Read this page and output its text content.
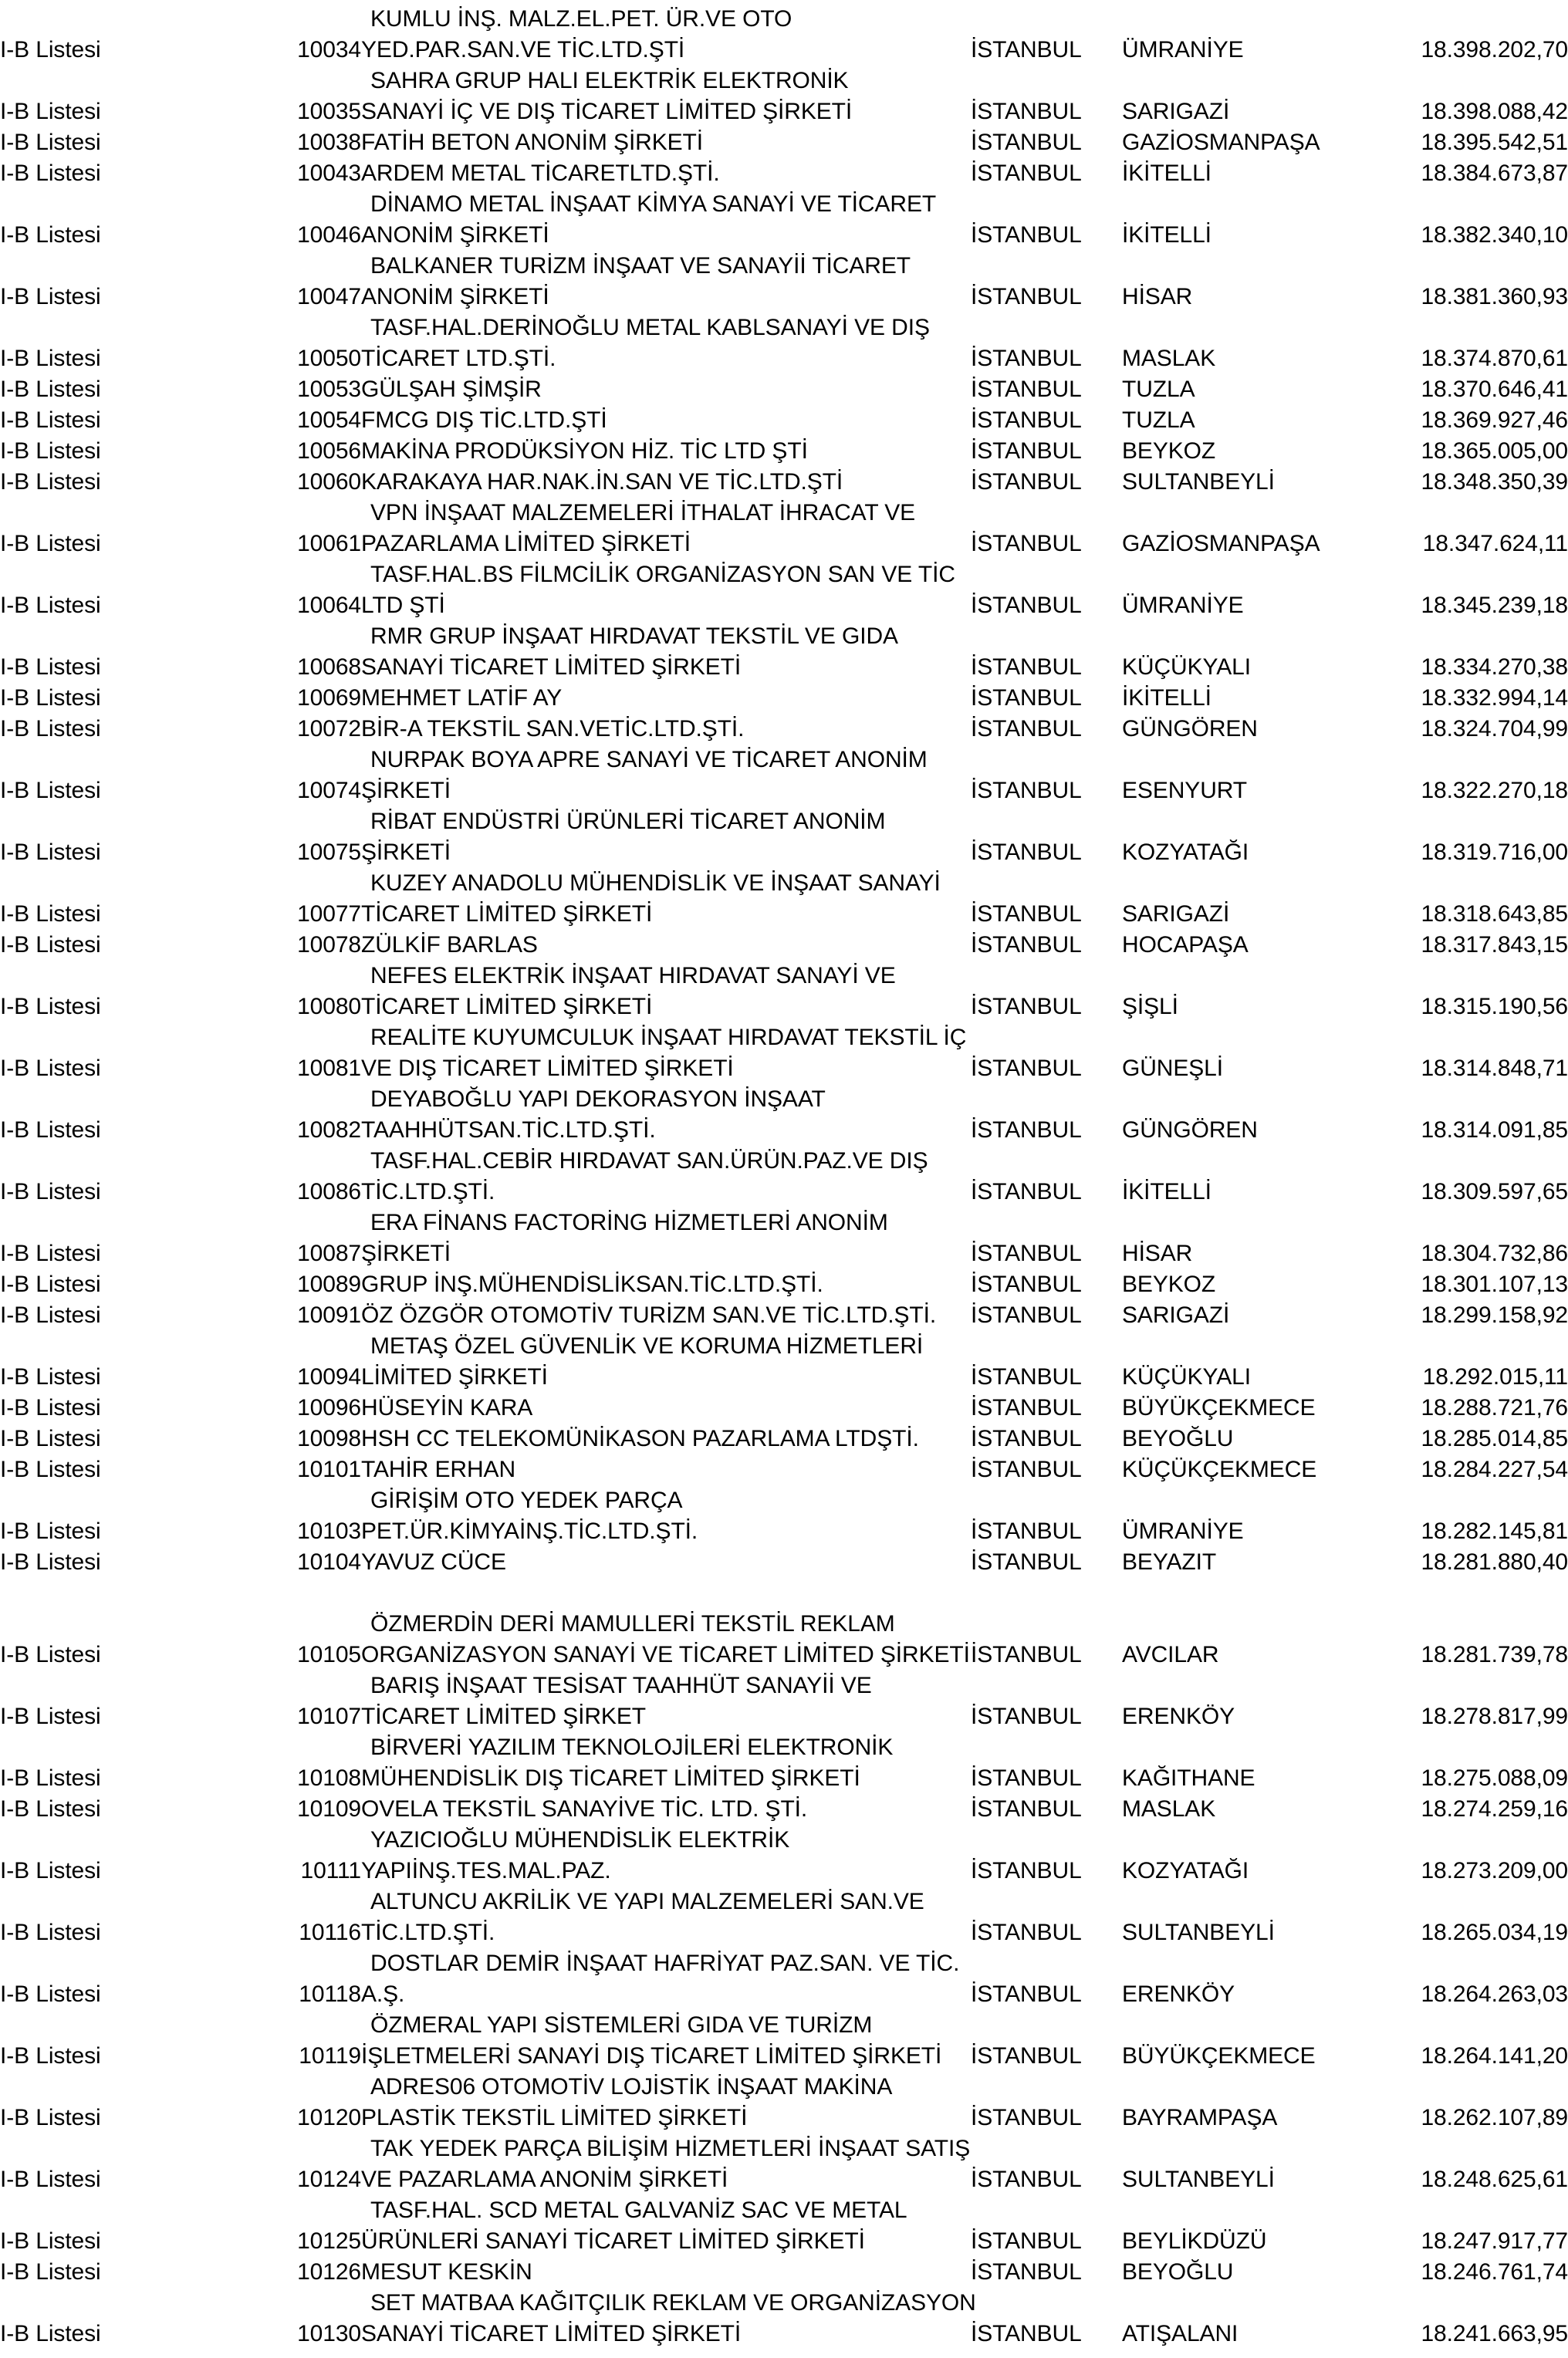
		KUMLU İNŞ. MALZ.EL.PET. ÜR.VE OTO			
I-B Listesi	10034	YED.PAR.SAN.VE TİC.LTD.ŞTİ	İSTANBUL	ÜMRANİYE	18.398.202,70
		SAHRA GRUP HALI ELEKTRİK ELEKTRONİK			
I-B Listesi	10035	SANAYİ İÇ VE DIŞ TİCARET LİMİTED ŞİRKETİ	İSTANBUL	SARIGAZİ	18.398.088,42
I-B Listesi	10038	FATİH BETON ANONİM ŞİRKETİ	İSTANBUL	GAZİOSMANPAŞA	18.395.542,51
I-B Listesi	10043	ARDEM METAL TİCARETLTD.ŞTİ.	İSTANBUL	İKİTELLİ	18.384.673,87
		DİNAMO METAL İNŞAAT KİMYA SANAYİ VE TİCARET			
I-B Listesi	10046	ANONİM ŞİRKETİ	İSTANBUL	İKİTELLİ	18.382.340,10
		BALKANER TURİZM İNŞAAT VE SANAYİİ TİCARET			
I-B Listesi	10047	ANONİM ŞİRKETİ	İSTANBUL	HİSAR	18.381.360,93
		TASF.HAL.DERİNOĞLU METAL KABLSANAYİ VE DIŞ			
I-B Listesi	10050	TİCARET LTD.ŞTİ.	İSTANBUL	MASLAK	18.374.870,61
I-B Listesi	10053	GÜLŞAH ŞİMŞİR	İSTANBUL	TUZLA	18.370.646,41
I-B Listesi	10054	FMCG DIŞ TİC.LTD.ŞTİ	İSTANBUL	TUZLA	18.369.927,46
I-B Listesi	10056	MAKİNA PRODÜKSİYON HİZ. TİC LTD ŞTİ	İSTANBUL	BEYKOZ	18.365.005,00
I-B Listesi	10060	KARAKAYA HAR.NAK.İN.SAN VE TİC.LTD.ŞTİ	İSTANBUL	SULTANBEYLİ	18.348.350,39
		VPN İNŞAAT MALZEMELERİ İTHALAT İHRACAT VE			
I-B Listesi	10061	PAZARLAMA LİMİTED ŞİRKETİ	İSTANBUL	GAZİOSMANPAŞA	18.347.624,11
		TASF.HAL.BS FİLMCİLİK ORGANİZASYON SAN VE TİC			
I-B Listesi	10064	LTD ŞTİ	İSTANBUL	ÜMRANİYE	18.345.239,18
		RMR GRUP İNŞAAT HIRDAVAT TEKSTİL VE GIDA			
I-B Listesi	10068	SANAYİ TİCARET LİMİTED ŞİRKETİ	İSTANBUL	KÜÇÜKYALI	18.334.270,38
I-B Listesi	10069	MEHMET LATİF AY	İSTANBUL	İKİTELLİ	18.332.994,14
I-B Listesi	10072	BİR-A TEKSTİL SAN.VETİC.LTD.ŞTİ.	İSTANBUL	GÜNGÖREN	18.324.704,99
		NURPAK BOYA APRE SANAYİ VE TİCARET ANONİM			
I-B Listesi	10074	ŞİRKETİ	İSTANBUL	ESENYURT	18.322.270,18
		RİBAT ENDÜSTRİ ÜRÜNLERİ TİCARET ANONİM			
I-B Listesi	10075	ŞİRKETİ	İSTANBUL	KOZYATAĞI	18.319.716,00
		KUZEY ANADOLU MÜHENDİSLİK VE İNŞAAT SANAYİ			
I-B Listesi	10077	TİCARET LİMİTED ŞİRKETİ	İSTANBUL	SARIGAZİ	18.318.643,85
I-B Listesi	10078	ZÜLKİF BARLAS	İSTANBUL	HOCAPAŞA	18.317.843,15
		NEFES ELEKTRİK İNŞAAT HIRDAVAT SANAYİ VE			
I-B Listesi	10080	TİCARET LİMİTED ŞİRKETİ	İSTANBUL	ŞİŞLİ	18.315.190,56
		REALİTE KUYUMCULUK İNŞAAT HIRDAVAT TEKSTİL İÇ			
I-B Listesi	10081	VE DIŞ TİCARET LİMİTED ŞİRKETİ	İSTANBUL	GÜNEŞLİ	18.314.848,71
		DEYABOĞLU YAPI DEKORASYON İNŞAAT			
I-B Listesi	10082	TAAHHÜTSAN.TİC.LTD.ŞTİ.	İSTANBUL	GÜNGÖREN	18.314.091,85
		TASF.HAL.CEBİR HIRDAVAT SAN.ÜRÜN.PAZ.VE DIŞ			
I-B Listesi	10086	TİC.LTD.ŞTİ.	İSTANBUL	İKİTELLİ	18.309.597,65
		ERA FİNANS FACTORİNG HİZMETLERİ ANONİM			
I-B Listesi	10087	ŞİRKETİ	İSTANBUL	HİSAR	18.304.732,86
I-B Listesi	10089	GRUP İNŞ.MÜHENDİSLİKSAN.TİC.LTD.ŞTİ.	İSTANBUL	BEYKOZ	18.301.107,13
I-B Listesi	10091	ÖZ ÖZGÖR OTOMOTİV TURİZM SAN.VE TİC.LTD.ŞTİ.	İSTANBUL	SARIGAZİ	18.299.158,92
		METAŞ ÖZEL GÜVENLİK VE KORUMA HİZMETLERİ			
I-B Listesi	10094	LİMİTED ŞİRKETİ	İSTANBUL	KÜÇÜKYALI	18.292.015,11
I-B Listesi	10096	HÜSEYİN KARA	İSTANBUL	BÜYÜKÇEKMECE	18.288.721,76
I-B Listesi	10098	HSH CC TELEKOMÜNİKASON PAZARLAMA LTDŞTİ.	İSTANBUL	BEYOĞLU	18.285.014,85
I-B Listesi	10101	TAHİR ERHAN	İSTANBUL	KÜÇÜKÇEKMECE	18.284.227,54
		GİRİŞİM OTO YEDEK PARÇA			
I-B Listesi	10103	PET.ÜR.KİMYAİNŞ.TİC.LTD.ŞTİ.	İSTANBUL	ÜMRANİYE	18.282.145,81
I-B Listesi	10104	YAVUZ CÜCE	İSTANBUL	BEYAZIT	18.281.880,40

		ÖZMERDİN DERİ MAMULLERİ TEKSTİL REKLAM			
I-B Listesi	10105	ORGANİZASYON SANAYİ VE TİCARET LİMİTED ŞİRKETİ	İSTANBUL	AVCILAR	18.281.739,78
		BARIŞ İNŞAAT TESİSAT TAAHHÜT SANAYİİ VE			
I-B Listesi	10107	TİCARET LİMİTED ŞİRKET	İSTANBUL	ERENKÖY	18.278.817,99
		BİRVERİ YAZILIM TEKNOLOJİLERİ ELEKTRONİK			
I-B Listesi	10108	MÜHENDİSLİK DIŞ TİCARET LİMİTED ŞİRKETİ	İSTANBUL	KAĞITHANE	18.275.088,09
I-B Listesi	10109	OVELA TEKSTİL SANAYİVE TİC. LTD. ŞTİ.	İSTANBUL	MASLAK	18.274.259,16
		YAZICIOĞLU MÜHENDİSLİK ELEKTRİK			
I-B Listesi	10111	YAPIİNŞ.TES.MAL.PAZ.	İSTANBUL	KOZYATAĞI	18.273.209,00
		ALTUNCU AKRİLİK VE YAPI MALZEMELERİ SAN.VE			
I-B Listesi	10116	TİC.LTD.ŞTİ.	İSTANBUL	SULTANBEYLİ	18.265.034,19
		DOSTLAR DEMİR İNŞAAT HAFRİYAT PAZ.SAN. VE TİC.			
I-B Listesi	10118	A.Ş.	İSTANBUL	ERENKÖY	18.264.263,03
		ÖZMERAL YAPI SİSTEMLERİ GIDA VE TURİZM			
I-B Listesi	10119	İŞLETMELERİ SANAYİ DIŞ TİCARET LİMİTED ŞİRKETİ	İSTANBUL	BÜYÜKÇEKMECE	18.264.141,20
		ADRES06 OTOMOTİV LOJİSTİK İNŞAAT MAKİNA			
I-B Listesi	10120	PLASTİK TEKSTİL LİMİTED ŞİRKETİ	İSTANBUL	BAYRAMPAŞA	18.262.107,89
		TAK YEDEK PARÇA BİLİŞİM HİZMETLERİ İNŞAAT SATIŞ			
I-B Listesi	10124	VE PAZARLAMA ANONİM ŞİRKETİ	İSTANBUL	SULTANBEYLİ	18.248.625,61
		TASF.HAL. SCD METAL GALVANİZ SAC VE METAL			
I-B Listesi	10125	ÜRÜNLERİ SANAYİ TİCARET LİMİTED ŞİRKETİ	İSTANBUL	BEYLİKDÜZÜ	18.247.917,77
I-B Listesi	10126	MESUT KESKİN	İSTANBUL	BEYOĞLU	18.246.761,74
		SET MATBAA KAĞITÇILIK REKLAM VE ORGANİZASYON			
I-B Listesi	10130	SANAYİ TİCARET LİMİTED ŞİRKETİ	İSTANBUL	ATIŞALANI	18.241.663,95
